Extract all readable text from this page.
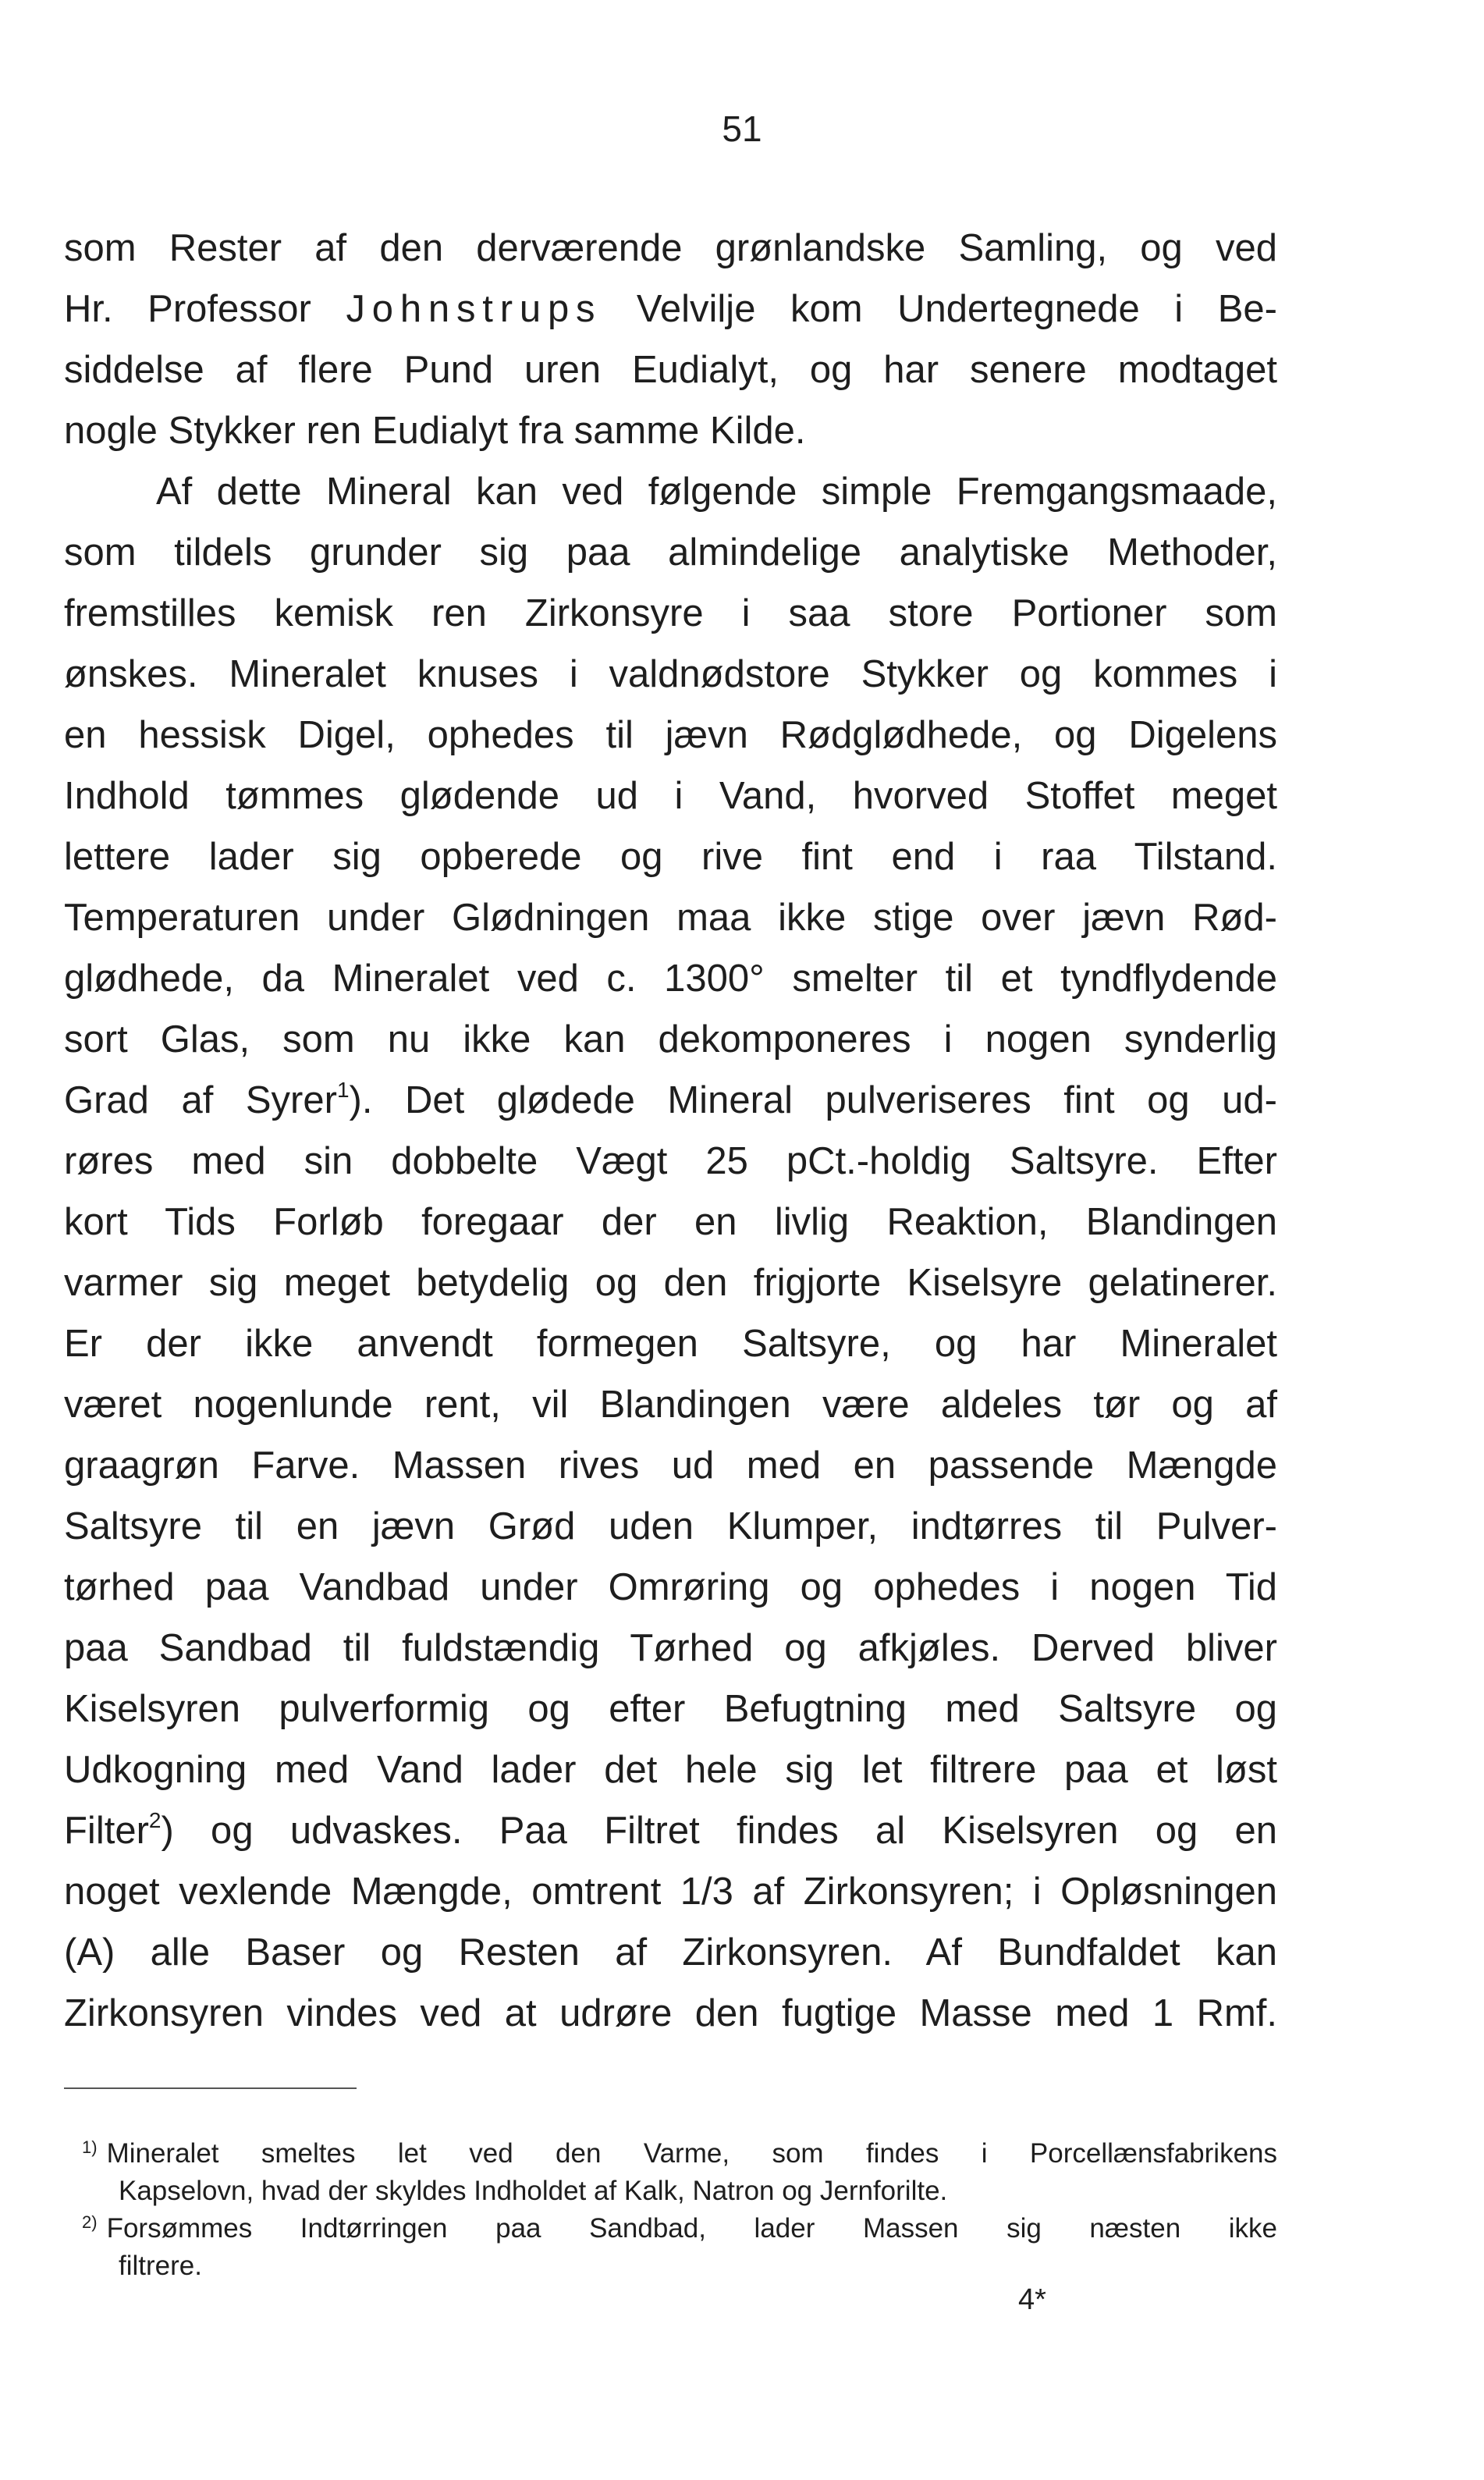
51
som Rester af den derværende grønlandske Samling, og ved
Hr. Professor Johnstrups Velvilje kom Undertegnede i Be-
siddelse af flere Pund uren Eudialyt, og har senere modtaget
nogle Stykker ren Eudialyt fra samme Kilde.
Af dette Mineral kan ved følgende simple Fremgangsmaade,
som tildels grunder sig paa almindelige analytiske Methoder,
fremstilles kemisk ren Zirkonsyre i saa store Portioner som
ønskes. Mineralet knuses i valdnødstore Stykker og kommes i
en hessisk Digel, ophedes til jævn Rødglødhede, og Digelens
Indhold tømmes glødende ud i Vand, hvorved Stoffet meget
lettere lader sig opberede og rive fint end i raa Tilstand.
Temperaturen under Glødningen maa ikke stige over jævn Rød-
glødhede, da Mineralet ved c. 1300° smelter til et tyndflydende
sort Glas, som nu ikke kan dekomponeres i nogen synderlig
Grad af Syrer$^1$). Det glødede Mineral pulveriseres fint og ud-
røres med sin dobbelte Vægt 25 pCt.-holdig Saltsyre. Efter
kort Tids Forløb foregaar der en livlig Reaktion, Blandingen
varmer sig meget betydelig og den frigjorte Kiselsyre gelatinerer.
Er der ikke anvendt formegen Saltsyre, og har Mineralet
været nogenlunde rent, vil Blandingen være aldeles tør og af
graagrøn Farve. Massen rives ud med en passende Mængde
Saltsyre til en jævn Grød uden Klumper, indtørres til Pulver-
tørhed paa Vandbad under Omrøring og ophedes i nogen Tid
paa Sandbad til fuldstændig Tørhed og afkjøles. Derved bliver
Kiselsyren pulverformig og efter Befugtning med Saltsyre og
Udkogning med Vand lader det hele sig let filtrere paa et løst
Filter$^2$) og udvaskes. Paa Filtret findes al Kiselsyren og en
noget vexlende Mængde, omtrent 1/3 af Zirkonsyren; i Opløsningen
(A) alle Baser og Resten af Zirkonsyren. Af Bundfaldet kan
Zirkonsyren vindes ved at udrøre den fugtige Masse med 1 Rmf.
$^{1)}$ Mineralet smeltes let ved den Varme, som findes i Porcellænsfabrikens
Kapselovn, hvad der skyldes Indholdet af Kalk, Natron og Jernforilte.
$^{2)}$ Forsømmes Indtørringen paa Sandbad, lader Massen sig næsten ikke
filtrere.
4*
